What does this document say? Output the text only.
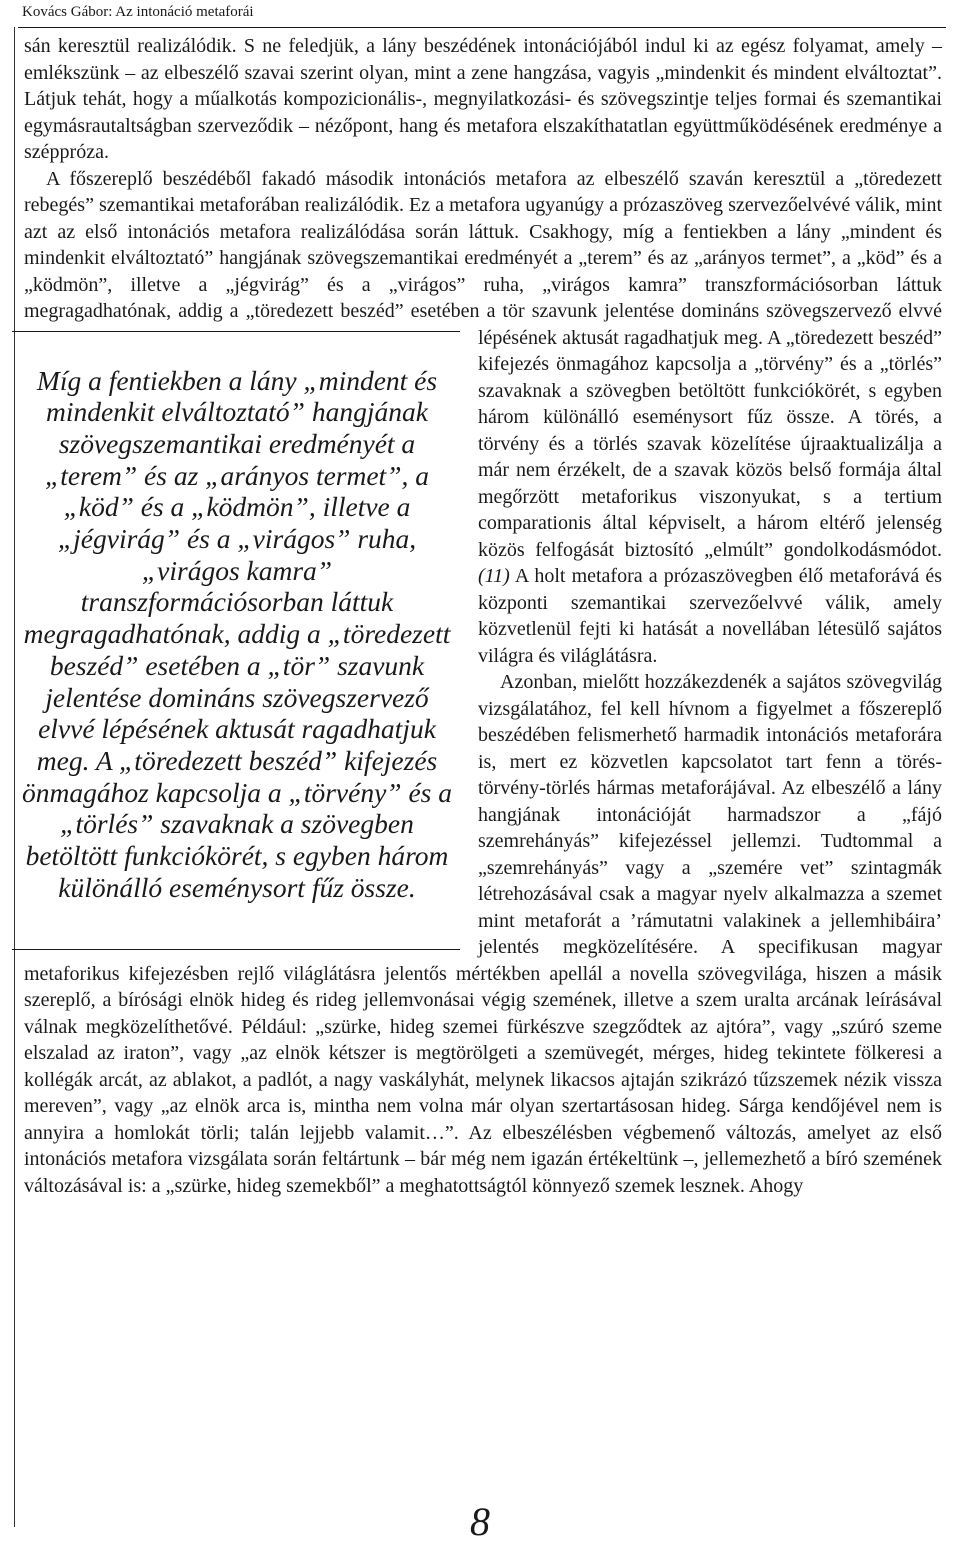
Kovács Gábor: Az intonáció metaforái

sán keresztül realizálódik. S ne feledjük, a lány beszédének intonációjából indul ki az egész folyamat, amely – emlékszünk – az elbeszélő szavai szerint olyan, mint a zene hangzása, vagyis „mindenkit és mindent elváltoztat”. Látjuk tehát, hogy a műalkotás kompozicionális-, megnyilatkozási- és szövegszintje teljes formai és szemantikai egymásrautaltságban szerveződik – nézőpont, hang és metafora elszakíthatatlan együttműködésének eredménye a széppróza.

A főszereplő beszédéből fakadó második intonációs metafora az elbeszélő szaván keresztül a „töredezett rebegés” szemantikai metaforában realizálódik. Ez a metafora ugyanúgy a prózaszöveg szervezőelvévé válik, mint azt az első intonációs metafora realizálódása során láttuk. Csakhogy, míg a fentiekben a lány „mindent és mindenkit elváltoztató” hangjának szövegszemantikai eredményét a „terem” és az „arányos termet”, a „köd” és a „ködmön”, illetve a „jégvirág” és a „virágos” ruha, „virágos kamra” transzformációsorban láttuk megragadhatónak, addig a „töredezett beszéd” esetében a tör
szavunk jelentése domináns szövegszervező elvvé lépésének aktusát ragadhatjuk meg. A „töredezett beszéd” kifejezés önmagához kapcsolja a „törvény” és a „törlés” szavaknak a szövegben betöltött funkciókörét, s egyben három különálló eseménysort fűz össze. A törés, a törvény és a törlés szavak közelítése újraaktualizálja a már nem érzékelt, de a szavak közös belső formája által megőrzött metaforikus viszonyukat, s a tertium comparationis által képviselt, a három eltérő jelenség közös felfogását biztosító „elmúlt” gondolkodásmódot. (11) A holt metafora a prózaszövegben élő metaforává és központi szemantikai szervezőelvvé válik, amely közvetlenül fejti ki hatását a novellában létesülő sajátos világra és világlátásra.

Míg a fentiekben a lány „mindent és mindenkit elváltoztató” hangjának szövegszemantikai eredményét a „terem” és az „arányos termet”, a „köd” és a „ködmön”, illetve a „jégvirág” és a „virágos” ruha, „virágos kamra” transzformációsorban láttuk megragadhatónak, addig a „töredezett beszéd” esetében a „tör” szavunk jelentése domináns szövegszervező elvvé lépésének aktusát ragadhatjuk meg. A „töredezett beszéd” kifejezés önmagához kapcsolja a „törvény” és a „törlés” szavaknak a szövegben betöltött funkciókörét, s egyben három különálló eseménysort fűz össze.

Azonban, mielőtt hozzákezdenék a sajátos szövegvilág vizsgálatához, fel kell hívnom a figyelmet a főszereplő beszédében felismerhető harmadik intonációs metaforára is, mert ez közvetlen kapcsolatot tart fenn a törés-törvény-törlés hármas metaforájával. Az elbeszélő a lány hangjának intonációját harmadszor a „fájó szemrehányás” kifejezéssel jellemzi. Tudtommal a „szemrehányás” vagy a „szemére vet” szintagmák létrehozásával csak a magyar nyelv alkalmazza a szemet mint metaforát a ’rámutatni valakinek a jellemhibáira’ jelentés megközelítésére. A specifikusan magyar metaforikus kifejezésben rejlő világlátásra jelentős mértékben apellál a novella szövegvilága, hiszen a másik szereplő, a bírósági elnök hideg és rideg jellemvonásai végig szemének, illetve a szem uralta arcának leírásával válnak megközelíthetővé. Például: „szürke, hideg szemei fürkészve szegződtek az ajtóra”, vagy „szúró szeme elszalad az iraton”, vagy „az elnök kétszer is megtörölgeti a szemüvegét, mérges, hideg tekintete fölkeresi a kollégák arcát, az ablakot, a padlót, a nagy vaskályhát, melynek likacsos ajtaján szikrázó tűzszemek nézik vissza mereven”, vagy „az elnök arca is, mintha nem volna már olyan szertartásosan hideg. Sárga kendőjével nem is annyira a homlokát törli; talán lejjebb valamit…”. Az elbeszélésben végbemenő változás, amelyet az első intonációs metafora vizsgálata során feltártunk – bár még nem igazán értékeltünk –, jellemezhető a bíró szemének változásával is: a „szürke, hideg szemekből” a meghatottságtól könnyező szemek lesznek. Ahogy

8
